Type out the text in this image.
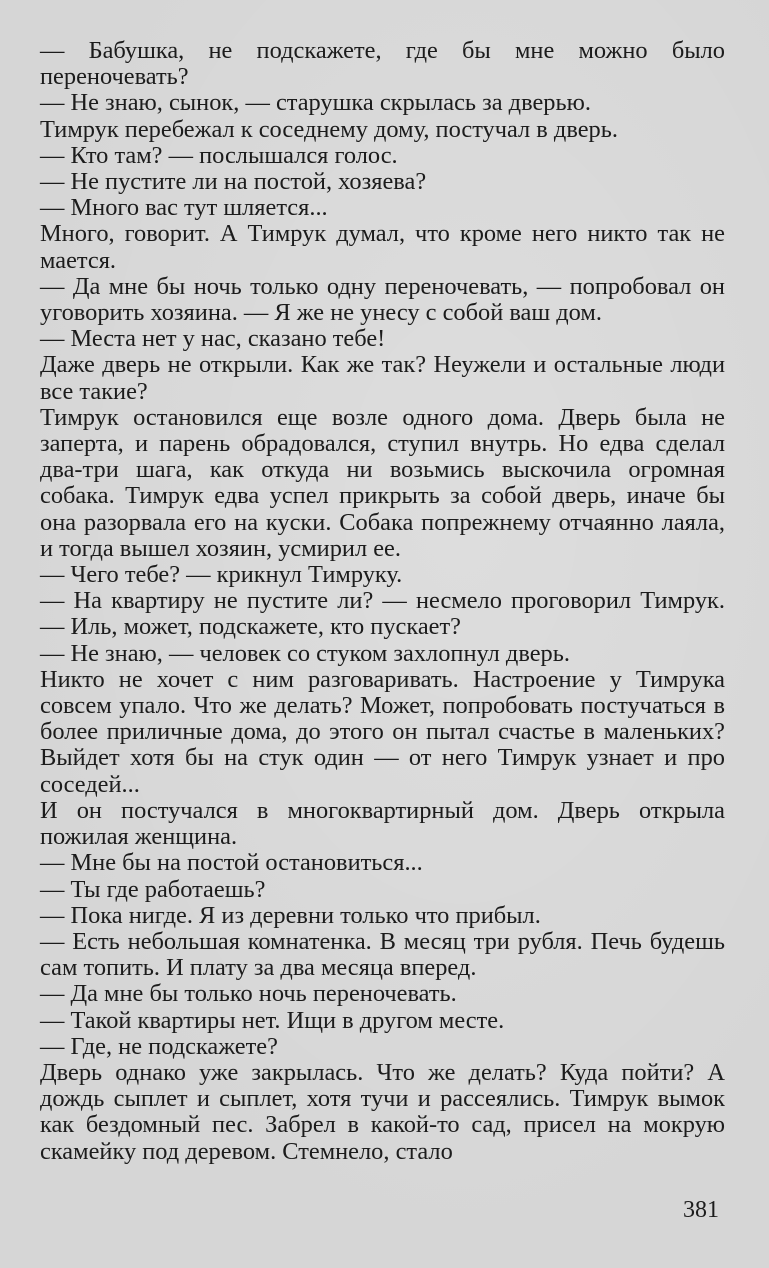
— Бабушка, не подскажете, где бы мне можно было переночевать?

— Не знаю, сынок, — старушка скрылась за дверью.

Тимрук перебежал к соседнему дому, постучал в дверь.

— Кто там? — послышался голос.

— Не пустите ли на постой, хозяева?

— Много вас тут шляется...

Много, говорит. А Тимрук думал, что кроме него никто так не мается.

— Да мне бы ночь только одну переночевать, — попробовал он уговорить хозяина. — Я же не унесу с собой ваш дом.

— Места нет у нас, сказано тебе!

Даже дверь не открыли. Как же так? Неужели и остальные люди все такие?

Тимрук остановился еще возле одного дома. Дверь была не заперта, и парень обрадовался, ступил внутрь. Но едва сделал два-три шага, как откуда ни возьмись выскочила огромная собака. Тимрук едва успел прикрыть за собой дверь, иначе бы она разорвала его на куски. Собака попрежнему отчаянно лаяла, и тогда вышел хозяин, усмирил ее.

— Чего тебе? — крикнул Тимруку.

— На квартиру не пустите ли? — несмело проговорил Тимрук. — Иль, может, подскажете, кто пускает?

— Не знаю, — человек со стуком захлопнул дверь.

Никто не хочет с ним разговаривать. Настроение у Тимрука совсем упало. Что же делать? Может, попробовать постучаться в более приличные дома, до этого он пытал счастье в маленьких? Выйдет хотя бы на стук один — от него Тимрук узнает и про соседей...

И он постучался в многоквартирный дом. Дверь открыла пожилая женщина.

— Мне бы на постой остановиться...

— Ты где работаешь?

— Пока нигде. Я из деревни только что прибыл.

— Есть небольшая комнатенка. В месяц три рубля. Печь будешь сам топить. И плату за два месяца вперед.

— Да мне бы только ночь переночевать.

— Такой квартиры нет. Ищи в другом месте.

— Где, не подскажете?

Дверь однако уже закрылась. Что же делать? Куда пойти? А дождь сыплет и сыплет, хотя тучи и рассеялись. Тимрук вымок как бездомный пес. Забрел в какой-то сад, присел на мокрую скамейку под деревом. Стемнело, стало

381
